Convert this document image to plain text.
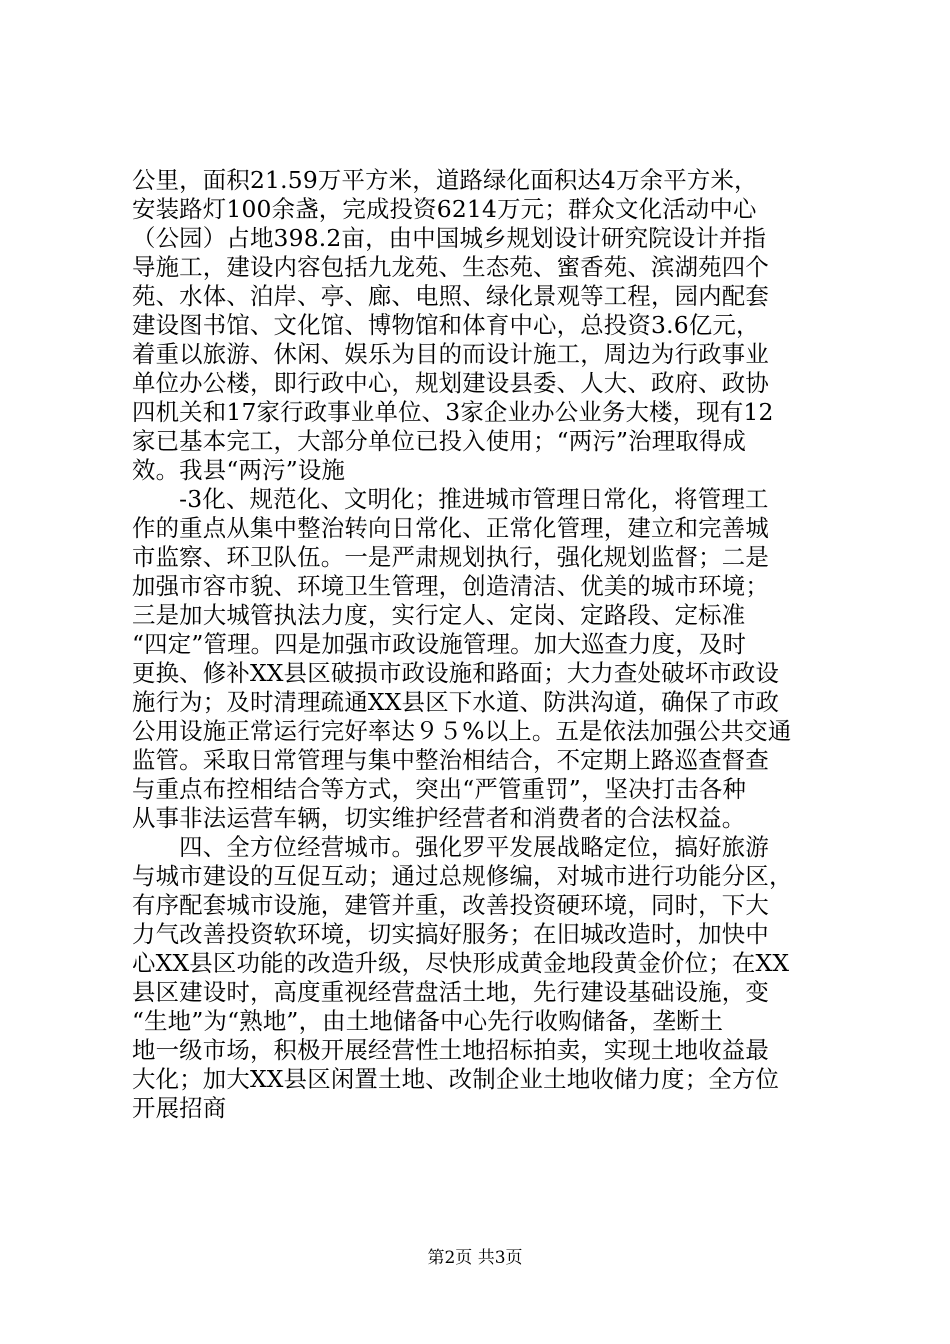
公里，面积21.59万平方米，道路绿化面积达4万余平方米，
安装路灯100余盏，完成投资6214万元；群众文化活动中心
（公园）占地398.2亩，由中国城乡规划设计研究院设计并指
导施工，建设内容包括九龙苑、生态苑、蜜香苑、滨湖苑四个
苑、水体、泊岸、亭、廊、电照、绿化景观等工程，园内配套
建设图书馆、文化馆、博物馆和体育中心，总投资3.6亿元，
着重以旅游、休闲、娱乐为目的而设计施工，周边为行政事业
单位办公楼，即行政中心，规划建设县委、人大、政府、政协
四机关和17家行政事业单位、3家企业办公业务大楼，现有12
家已基本完工，大部分单位已投入使用；“两污”治理取得成
效。我县“两污”设施
　　-3化、规范化、文明化；推进城市管理日常化，将管理工
作的重点从集中整治转向日常化、正常化管理，建立和完善城
市监察、环卫队伍。一是严肃规划执行，强化规划监督；二是
加强市容市貌、环境卫生管理，创造清洁、优美的城市环境；
三是加大城管执法力度，实行定人、定岗、定路段、定标准
“四定”管理。四是加强市政设施管理。加大巡查力度，及时
更换、修补XX县区破损市政设施和路面；大力查处破坏市政设
施行为；及时清理疏通XX县区下水道、防洪沟道，确保了市政
公用设施正常运行完好率达９５%以上。五是依法加强公共交通
监管。采取日常管理与集中整治相结合，不定期上路巡查督查
与重点布控相结合等方式，突出“严管重罚”，坚决打击各种
从事非法运营车辆，切实维护经营者和消费者的合法权益。
　　四、全方位经营城市。强化罗平发展战略定位，搞好旅游
与城市建设的互促互动；通过总规修编，对城市进行功能分区，
有序配套城市设施，建管并重，改善投资硬环境，同时，下大
力气改善投资软环境，切实搞好服务；在旧城改造时，加快中
心XX县区功能的改造升级，尽快形成黄金地段黄金价位；在XX
县区建设时，高度重视经营盘活土地，先行建设基础设施，变
“生地”为“熟地”，由土地储备中心先行收购储备，垄断土
地一级市场，积极开展经营性土地招标拍卖，实现土地收益最
大化；加大XX县区闲置土地、改制企业土地收储力度；全方位
开展招商
第2页 共3页
